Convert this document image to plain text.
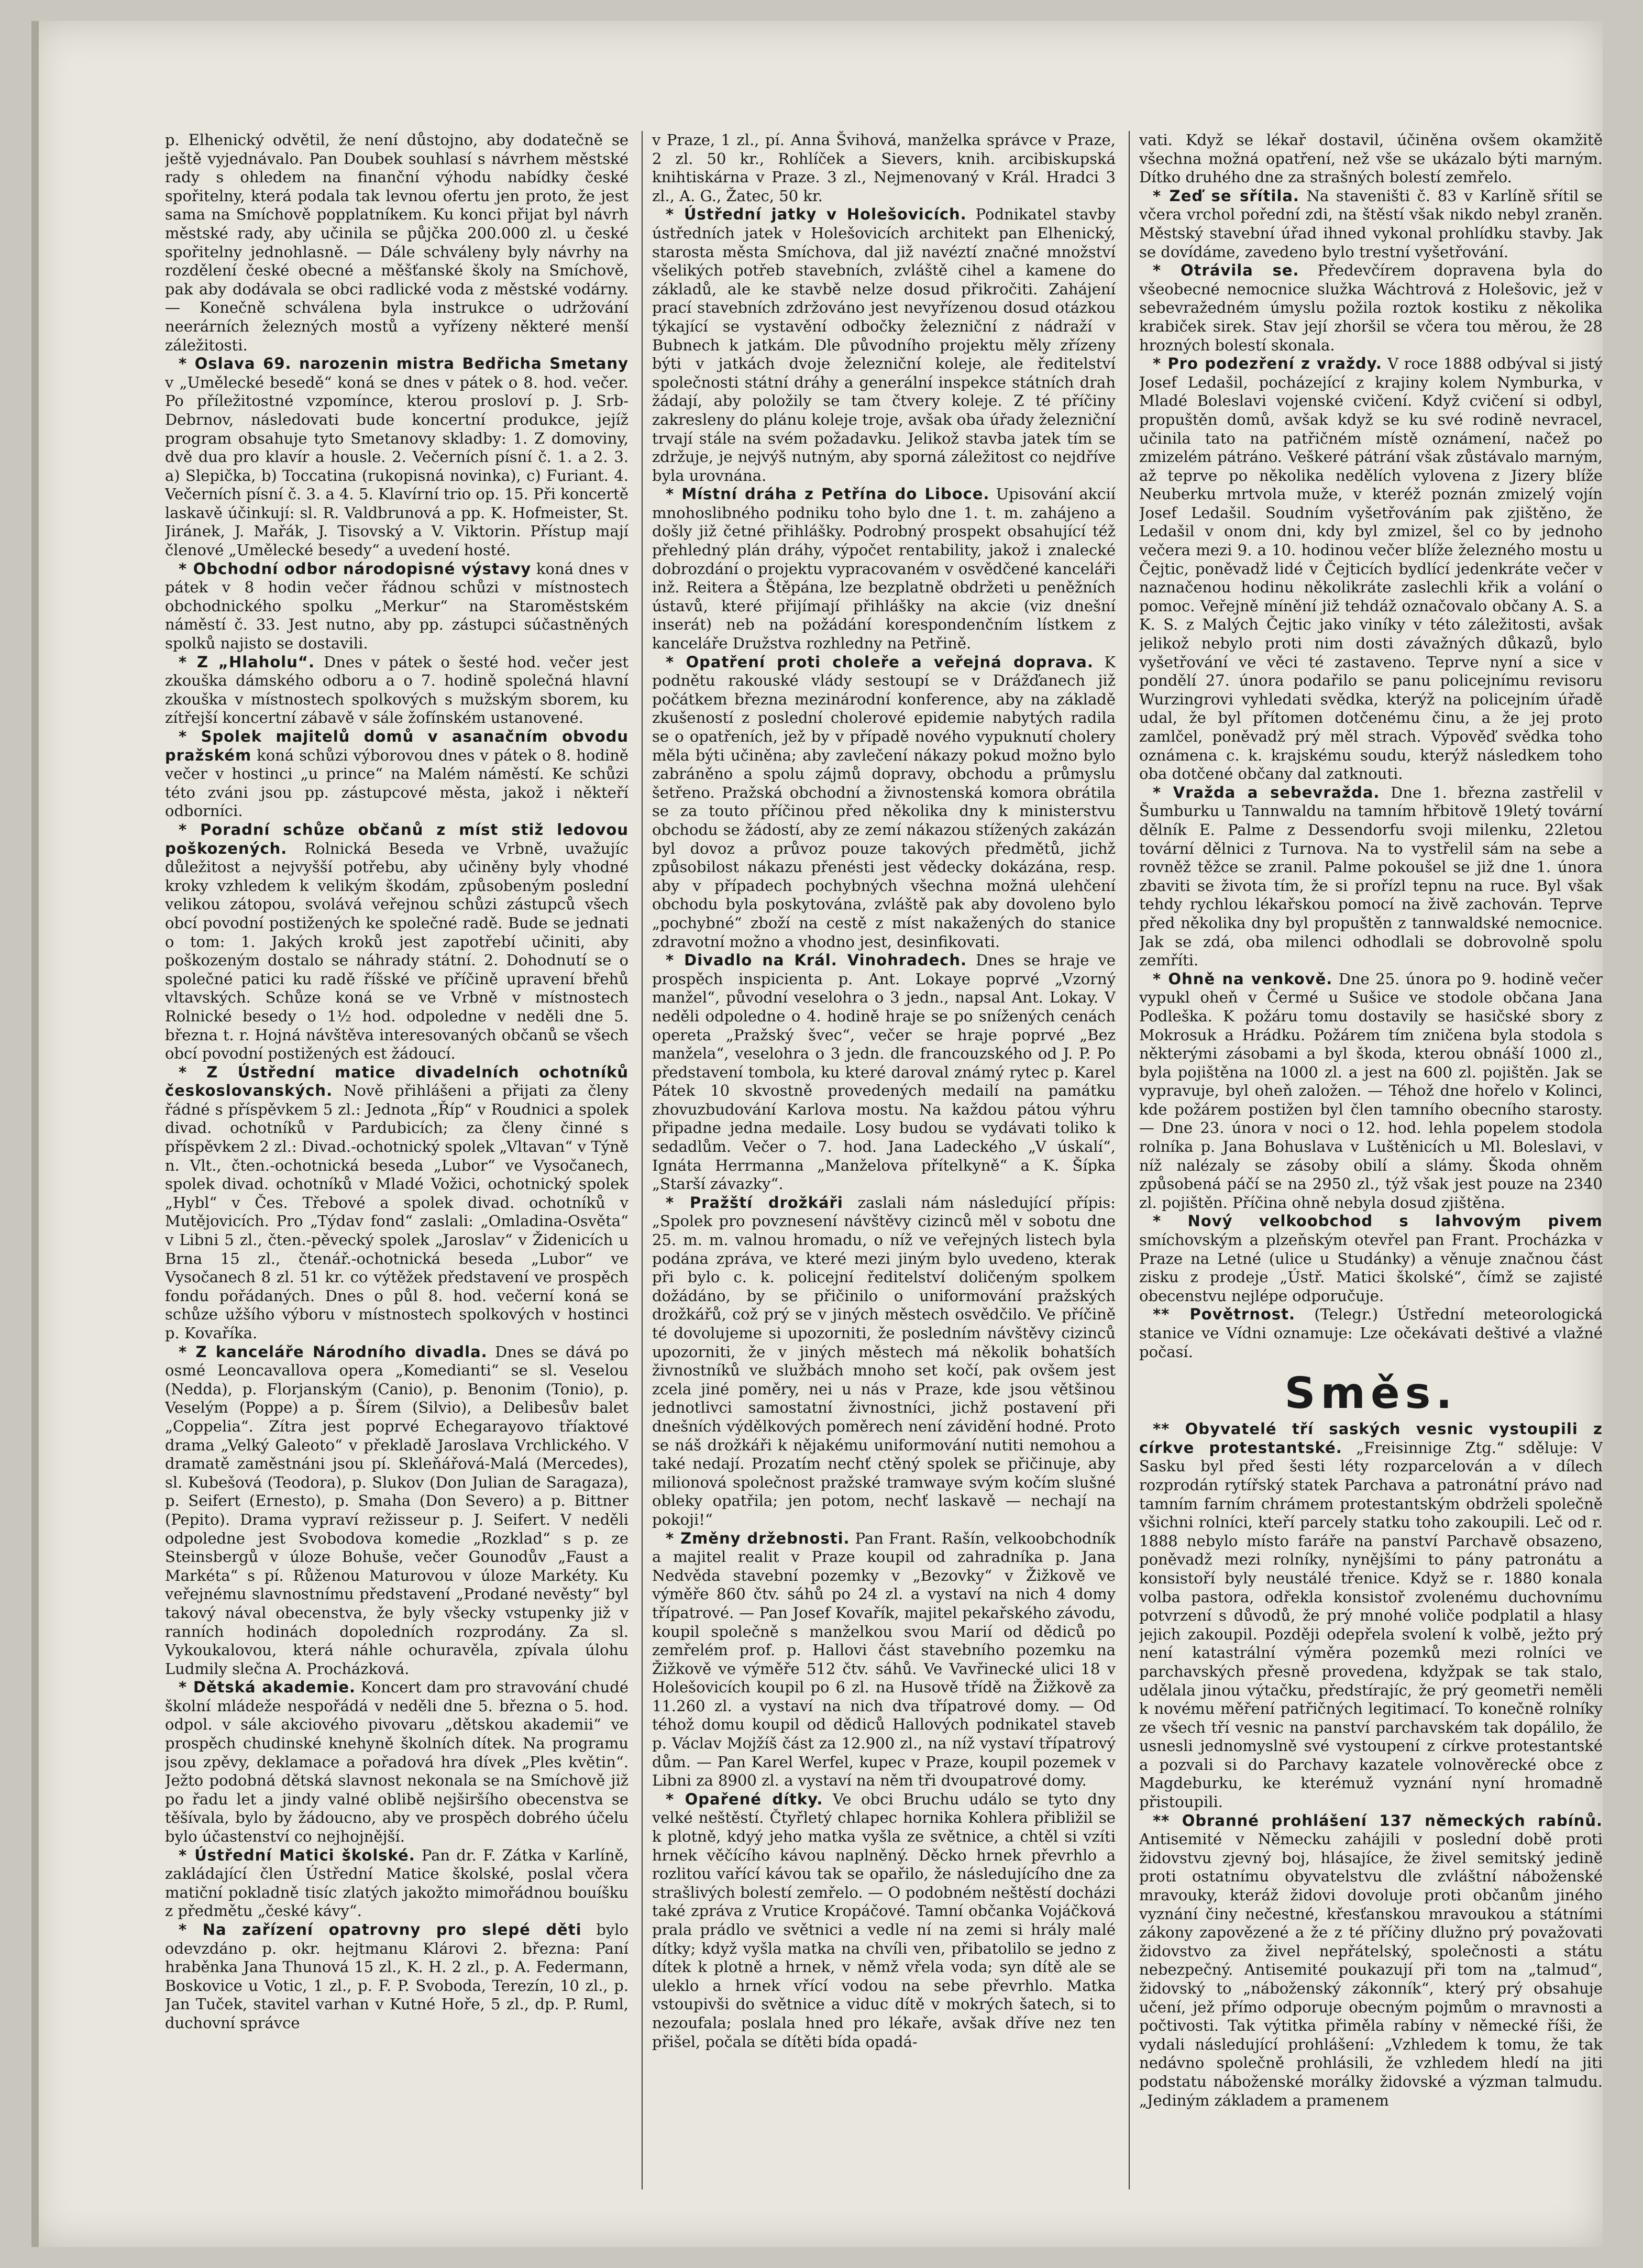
p. Elhenický odvětil, že není důstojno, aby dodatečně se ještě vyjednávalo. Pan Doubek souhlasí s návrhem městské rady s ohledem na finanční výhodu nabídky české spořitelny, která podala tak levnou ofertu jen proto, že jest sama na Smíchově popplatníkem. Ku konci přijat byl návrh městské rady, aby učinila se půjčka 200.000 zl. u české spořitelny jednohlasně. — Dále schváleny byly návrhy na rozdělení české obecné a měšťanské školy na Smíchově, pak aby dodávala se obci radlické voda z městské vodárny. — Konečně schválena byla instrukce o udržování neerárních železných mostů a vyřízeny některé menší záležitosti.

* Oslava 69. narozenin mistra Bedřicha Smetany v „Umělecké besedě“ koná se dnes v pátek o 8. hod. večer. Po příležitostné vzpomínce, kterou prosloví p. J. Srb-Debrnov, následovati bude koncertní produkce, jejíž program obsahuje tyto Smetanovy skladby: 1. Z domoviny, dvě dua pro klavír a housle. 2. Večerních písní č. 1. a 2. 3. a) Slepička, b) Toccatina (rukopisná novinka), c) Furiant. 4. Večerních písní č. 3. a 4. 5. Klavírní trio op. 15. Při koncertě laskavě účinkují: sl. R. Valdbrunová a pp. K. Hofmeister, St. Jiránek, J. Mařák, J. Tisovský a V. Viktorin. Přístup mají členové „Umělecké besedy“ a uvedení hosté.

* Obchodní odbor národopisné výstavy koná dnes v pátek v 8 hodin večer řádnou schůzi v místnostech obchodnického spolku „Merkur“ na Staroměstském náměstí č. 33. Jest nutno, aby pp. zástupci súčastněných spolků najisto se dostavili.

* Z „Hlaholu“. Dnes v pátek o šesté hod. večer jest zkouška dámského odboru a o 7. hodině společná hlavní zkouška v místnostech spolkových s mužským sborem, ku zítřejší koncertní zábavě v sále žofínském ustanovené.

* Spolek majitelů domů v asanačním obvodu pražském koná schůzi výborovou dnes v pátek o 8. hodině večer v hostinci „u prince“ na Malém náměstí. Ke schůzi této zváni jsou pp. zástupcové města, jakož i někteří odborníci.

* Poradní schůze občanů z míst stiž ledovou poškozených. Rolnická Beseda ve Vrbně, uvažujíc důležitost a nejvyšší potřebu, aby učiněny byly vhodné kroky vzhledem k velikým škodám, způsobeným poslední velikou zátopou, svolává veřejnou schůzi zástupců všech obcí povodní postižených ke společné radě. Bude se jednati o tom: 1. Jakých kroků jest zapotřebí učiniti, aby poškozeným dostalo se náhrady státní. 2. Dohodnutí se o společné patici ku radě říšské ve příčině upravení břehů vltavských. Schůze koná se ve Vrbně v místnostech Rolnické besedy o 1½ hod. odpoledne v neděli dne 5. března t. r. Hojná návštěva interesovaných občanů se všech obcí povodní postižených est žádoucí.

* Z Ústřední matice divadelních ochotníků českoslovanských. Nově přihlášeni a přijati za členy řádné s příspěvkem 5 zl.: Jednota „Říp“ v Roudnici a spolek divad. ochotníků v Pardubicích; za členy činné s příspěvkem 2 zl.: Divad.-ochotnický spolek „Vltavan“ v Týně n. Vlt., čten.-ochotnická beseda „Lubor“ ve Vysočanech, spolek divad. ochotníků v Mladé Vožici, ochotnický spolek „Hybl“ v Čes. Třebové a spolek divad. ochotníků v Mutějovicích. Pro „Týdav fond“ zaslali: „Omladina-Osvěta“ v Libni 5 zl., čten.-pěvecký spolek „Jaroslav“ v Židenicích u Brna 15 zl., čtenář.-ochotnická beseda „Lubor“ ve Vysočanech 8 zl. 51 kr. co výtěžek představení ve prospěch fondu pořádaných. Dnes o půl 8. hod. večerní koná se schůze užšího výboru v místnostech spolkových v hostinci p. Kovaříka.

* Z kanceláře Národního divadla. Dnes se dává po osmé Leoncavallova opera „Komedianti“ se sl. Veselou (Nedda), p. Florjanským (Canio), p. Benonim (Tonio), p. Veselým (Poppe) a p. Šírem (Silvio), a Delibesův balet „Coppelia“. Zítra jest poprvé Echegarayovo tříaktové drama „Velký Galeoto“ v překladě Jaroslava Vrchlického. V dramatě zaměstnáni jsou pí. Skleňářová-Malá (Mercedes), sl. Kubešová (Teodora), p. Slukov (Don Julian de Saragaza), p. Seifert (Ernesto), p. Smaha (Don Severo) a p. Bittner (Pepito). Drama vypraví režisseur p. J. Seifert. V neděli odpoledne jest Svobodova komedie „Rozklad“ s p. ze Steinsbergů v úloze Bohuše, večer Gounodův „Faust a Markéta“ s pí. Růženou Maturovou v úloze Markéty. Ku veřejnému slavnostnímu představení „Prodané nevěsty“ byl takový nával obecenstva, že byly všecky vstupenky již v ranních hodinách dopoledních rozprodány. Za sl. Vykoukalovou, která náhle ochuravěla, zpívala úlohu Ludmily slečna A. Procházková.

* Dětská akademie. Koncert dam pro stravování chudé školní mládeže nespořádá v neděli dne 5. března o 5. hod. odpol. v sále akciového pivovaru „dětskou akademii“ ve prospěch chudinské knehyně školních dítek. Na programu jsou zpěvy, deklamace a pořadová hra dívek „Ples květin“. Ježto podobná dětská slavnost nekonala se na Smíchově již po řadu let a jindy valné oblibě nejširšího obecenstva se těšívala, bylo by žádoucno, aby ve prospěch dobrého účelu bylo účastenství co nejhojnější.

* Ústřední Matici školské. Pan dr. F. Zátka v Karlíně, zakládající člen Ústřední Matice školské, poslal včera matiční pokladně tisíc zlatých jakožto mimořádnou bouíšku z předmětu „české kávy“.

* Na zařízení opatrovny pro slepé děti bylo odevzdáno p. okr. hejtmanu Klárovi 2. března: Paní hraběnka Jana Thunová 15 zl., K. H. 2 zl., p. A. Federmann, Boskovice u Votic, 1 zl., p. F. P. Svoboda, Terezín, 10 zl., p. Jan Tuček, stavitel varhan v Kutné Hoře, 5 zl., dp. P. Ruml, duchovní správce

v Praze, 1 zl., pí. Anna Švihová, manželka správce v Praze, 2 zl. 50 kr., Rohlíček a Sievers, knih. arcibiskupská knihtiskárna v Praze. 3 zl., Nejmenovaný v Král. Hradci 3 zl., A. G., Žatec, 50 kr.

* Ústřední jatky v Holešovicích. Podnikatel stavby ústředních jatek v Holešovicích architekt pan Elhenický, starosta města Smíchova, dal již navéztí značné množství všelikých potřeb stavebních, zvláště cihel a kamene do základů, ale ke stavbě nelze dosud přikročiti. Zahájení prací stavebních zdržováno jest nevyřízenou dosud otázkou týkající se vystavění odbočky železniční z nádraží v Bubnech k jatkám. Dle původního projektu měly zřízeny býti v jatkách dvoje železniční koleje, ale ředitelství společnosti státní dráhy a generální inspekce státních drah žádají, aby položily se tam čtvery koleje. Z té příčiny zakresleny do plánu koleje troje, avšak oba úřady železniční trvají stále na svém požadavku. Jelikož stavba jatek tím se zdržuje, je nejvýš nutným, aby sporná záležitost co nejdříve byla urovnána.

* Místní dráha z Petřína do Liboce. Upisování akcií mnohoslibného podniku toho bylo dne 1. t. m. zahájeno a došly již četné přihlášky. Podrobný prospekt obsahující též přehledný plán dráhy, výpočet rentability, jakož i znalecké dobrozdání o projektu vypracovaném v osvědčené kanceláři inž. Reitera a Štěpána, lze bezplatně obdržeti u peněžních ústavů, které přijímají přihlášky na akcie (viz dnešní inserát) neb na požádání korespondenčním lístkem z kanceláře Družstva rozhledny na Petřině.

* Opatření proti choleře a veřejná doprava. K podnětu rakouské vlády sestoupí se v Drážďanech již počátkem března mezinárodní konference, aby na základě zkušeností z poslední cholerové epidemie nabytých radila se o opatřeních, jež by v případě nového vypuknutí cholery měla býti učiněna; aby zavlečení nákazy pokud možno bylo zabráněno a spolu zájmů dopravy, obchodu a průmyslu šetřeno. Pražská obchodní a živnostenská komora obrátila se za touto příčinou před několika dny k ministerstvu obchodu se žádostí, aby ze zemí nákazou stížených zakázán byl dovoz a průvoz pouze takových předmětů, jichž způsobilost nákazu přenésti jest vědecky dokázána, resp. aby v případech pochybných všechna možná ulehčení obchodu byla poskytována, zvláště pak aby dovoleno bylo „pochybné“ zboží na cestě z míst nakažených do stanice zdravotní možno a vhodno jest, desinfikovati.

* Divadlo na Král. Vinohradech. Dnes se hraje ve prospěch inspicienta p. Ant. Lokaye poprvé „Vzorný manžel“, původní veselohra o 3 jedn., napsal Ant. Lokay. V neděli odpoledne o 4. hodině hraje se po snížených cenách opereta „Pražský švec“, večer se hraje poprvé „Bez manžela“, veselohra o 3 jedn. dle francouzského od J. P. Po představení tombola, ku které daroval známý rytec p. Karel Pátek 10 skvostně provedených medailí na památku zhovuzbudování Karlova mostu. Na každou pátou výhru připadne jedna medaile. Losy budou se vydávati toliko k sedadlům. Večer o 7. hod. Jana Ladeckého „V úskalí“, Ignáta Herrmanna „Manželova přítelkyně“ a K. Šípka „Starší závazky“.

* Pražští drožkáři zaslali nám následující přípis: „Spolek pro povznesení návštěvy cizinců měl v sobotu dne 25. m. m. valnou hromadu, o níž ve veřejných listech byla podána zpráva, ve které mezi jiným bylo uvedeno, kterak při bylo c. k. policejní ředitelství doličeným spolkem dožádáno, by se přičinilo o uniformování pražských drožkářů, což prý se v jiných městech osvědčilo. Ve příčině té dovolujeme si upozorniti, že posledním návštěvy cizinců upozorniti, že v jiných městech má několik bohatších živnostníků ve službách mnoho set kočí, pak ovšem jest zcela jiné poměry, nei u nás v Praze, kde jsou většinou jednotlivci samostatní živnostníci, jichž postavení při dnešních výdělkových poměrech není závidění hodné. Proto se náš drožkáři k nějakému uniformování nutiti nemohou a také nedají. Prozatím nechť ctěný spolek se přičinuje, aby milionová společnost pražské tramwaye svým kočím slušné obleky opatřila; jen potom, nechť laskavě — nechají na pokoji!“

* Změny držebnosti. Pan Frant. Rašín, velkoobchodník a majitel realit v Praze koupil od zahradníka p. Jana Nedvěda stavební pozemky v „Bezovky“ v Žižkově ve výměře 860 čtv. sáhů po 24 zl. a vystaví na nich 4 domy třípatrové. — Pan Josef Kovařík, majitel pekařského závodu, koupil společně s manželkou svou Marií od dědiců po zemřelém prof. p. Hallovi část stavebního pozemku na Žižkově ve výměře 512 čtv. sáhů. Ve Vavřinecké ulici 18 v Holešovicích koupil po 6 zl. na Husově třídě na Žižkově za 11.260 zl. a vystaví na nich dva třípatrové domy. — Od téhož domu koupil od dědiců Hallových podnikatel staveb p. Václav Mojžíš část za 12.900 zl., na níž vystaví třípatrový dům. — Pan Karel Werfel, kupec v Praze, koupil pozemek v Libni za 8900 zl. a vystaví na něm tři dvoupatrové domy.

* Opařené dítky. Ve obci Bruchu událo se tyto dny velké neštěstí. Čtyřletý chlapec hornika Kohlera přibližil se k plotně, kdyý jeho matka vyšla ze světnice, a chtěl si vzíti hrnek věčícího kávou naplněný. Děcko hrnek převrhlo a rozlitou vařící kávou tak se opařilo, že následujícího dne za strašlivých bolestí zemřelo. — O podobném neštěstí docházi také zpráva z Vrutice Kropáčové. Tamní občanka Vojáčková prala prádlo ve světnici a vedle ní na zemi si hrály malé dítky; když vyšla matka na chvíli ven, přibatolilo se jedno z dítek k plotně a hrnek, v němž vřela voda; syn dítě ale se uleklo a hrnek vřící vodou na sebe převrhlo. Matka vstoupivši do světnice a viduc dítě v mokrých šatech, si to nezoufala; poslala hned pro lékaře, avšak dříve nez ten přišel, počala se dítěti bída opadá-

vati. Když se lékař dostavil, účiněna ovšem okamžitě všechna možná opatření, než vše se ukázalo býti marným. Dítko druhého dne za strašných bolestí zemřelo.

* Zeď se sřítila. Na staveništi č. 83 v Karlíně sřítil se včera vrchol pořední zdi, na štěstí však nikdo nebyl zraněn. Městský stavební úřad ihned vykonal prohlídku stavby. Jak se dovídáme, zavedeno bylo trestní vyšetřování.

* Otrávila se. Předevčírem dopravena byla do všeobecné nemocnice služka Wáchtrová z Holešovic, jež v sebevražedném úmyslu požila roztok kostiku z několika krabiček sirek. Stav její zhoršil se včera tou měrou, že 28 hrozných bolestí skonala.

* Pro podezření z vraždy. V roce 1888 odbýval si jistý Josef Ledašil, pocházející z krajiny kolem Nymburka, v Mladé Boleslavi vojenské cvičení. Když cvičení si odbyl, propuštěn domů, avšak když se ku své rodině nevracel, učinila tato na patřičném místě oznámení, načež po zmizelém pátráno. Veškeré pátrání však zůstávalo marným, až teprve po několika nedělích vylovena z Jizery blíže Neuberku mrtvola muže, v kteréž poznán zmizelý vojín Josef Ledašil. Soudním vyšetřováním pak zjištěno, že Ledašil v onom dni, kdy byl zmizel, šel co by jednoho večera mezi 9. a 10. hodinou večer blíže železného mostu u Čejtic, poněvadž lidé v Čejticích bydlící jedenkráte večer v naznačenou hodinu několikráte zaslechli křik a volání o pomoc. Veřejně mínění již tehdáž označovalo občany A. S. a K. S. z Malých Čejtic jako viníky v této záležitosti, avšak jelikož nebylo proti nim dosti závažných důkazů, bylo vyšetřování ve věci té zastaveno. Teprve nyní a sice v pondělí 27. února podařilo se panu policejnímu revisoru Wurzingrovi vyhledati svědka, kterýž na policejním úřadě udal, že byl přítomen dotčenému činu, a že jej proto zamlčel, poněvadž prý měl strach. Výpověď svědka toho oznámena c. k. krajskému soudu, kterýž následkem toho oba dotčené občany dal zatknouti.

* Vražda a sebevražda. Dne 1. března zastřelil v Šumburku u Tannwaldu na tamním hřbitově 19letý tovární dělník E. Palme z Dessendorfu svoji milenku, 22letou tovární dělnici z Turnova. Na to vystřelil sám na sebe a rovněž těžce se zranil. Palme pokoušel se již dne 1. února zbaviti se života tím, že si prořízl tepnu na ruce. Byl však tehdy rychlou lékařskou pomocí na živě zachován. Teprve před několika dny byl propuštěn z tannwaldské nemocnice. Jak se zdá, oba milenci odhodlali se dobrovolně spolu zemříti.

* Ohně na venkově. Dne 25. února po 9. hodině večer vypukl oheň v Čermé u Sušice ve stodole občana Jana Podleška. K požáru tomu dostavily se hasičské sbory z Mokrosuk a Hrádku. Požárem tím zničena byla stodola s některými zásobami a byl škoda, kterou obnáší 1000 zl., byla pojištěna na 1000 zl. a jest na 600 zl. pojištěn. Jak se vypravuje, byl oheň založen. — Téhož dne hořelo v Kolinci, kde požárem postižen byl člen tamního obecního starosty. — Dne 23. února v noci o 12. hod. lehla popelem stodola rolníka p. Jana Bohuslava v Luštěnicích u Ml. Boleslavi, v níž nalézaly se zásoby obilí a slámy. Škoda ohněm způsobená páčí se na 2950 zl., týž však jest pouze na 2340 zl. pojištěn. Příčina ohně nebyla dosud zjištěna.

* Nový velkoobchod s lahvovým pivem smíchovským a plzeňským otevřel pan Frant. Procházka v Praze na Letné (ulice u Studánky) a věnuje značnou část zisku z prodeje „Ústř. Matici školské“, čímž se zajisté obecenstvu nejlépe odporučuje.

** Povětrnost. (Telegr.) Ústřední meteorologická stanice ve Vídni oznamuje: Lze očekávati deštivé a vlažné počasí.

Směs.

** Obyvatelé tří saských vesnic vystoupili z církve protestantské. „Freisinnige Ztg.“ sděluje: V Sasku byl před šesti léty rozparcelován a v dílech rozprodán rytířský statek Parchava a patronátní právo nad tamním farním chrámem protestantským obdrželi společně všichni rolníci, kteří parcely statku toho zakoupili. Leč od r. 1888 nebylo místo faráře na panství Parchavě obsazeno, poněvadž mezi rolníky, nynějšími to pány patronátu a konsistoří byly neustálé třenice. Když se r. 1880 konala volba pastora, odřekla konsistoř zvolenému duchovnímu potvrzení s důvodů, že prý mnohé voliče podplatil a hlasy jejich zakoupil. Později odepřela svolení k volbě, ježto prý není katastrální výměra pozemků mezi rolníci ve parchavských přesně provedena, kdyžpak se tak stalo, udělala jinou výtačku, předstírajíc, že prý geometři neměli k novému měření patřičných legitimací. To konečně rolníky ze všech tří vesnic na panství parchavském tak dopálilo, že usnesli jednomyslně své vystoupení z církve protestantské a pozvali si do Parchavy kazatele volnověrecké obce z Magdeburku, ke kterémuž vyznání nyní hromadně přistoupili.

** Obranné prohlášení 137 německých rabínů. Antisemité v Německu zahájili v poslední době proti židovstvu zjevný boj, hlásajíce, že živel semitský jedině proti ostatnímu obyvatelstvu dle zvláštní náboženské mravouky, kteráž židovi dovoluje proti občanům jiného vyznání činy nečestné, křesťanskou mravoukou a státními zákony zapovězené a že z té příčiny dlužno prý považovati židovstvo za živel nepřátelský, společnosti a státu nebezpečný. Antisemité poukazují při tom na „talmud“, židovský to „náboženský zákonník“, který prý obsahuje učení, jež přímo odporuje obecným pojmům o mravnosti a počtivosti. Tak výtitka přiměla rabíny v německé říši, že vydali následující prohlášení: „Vzhledem k tomu, že tak nedávno společně prohlásili, že vzhledem hledí na jiti podstatu náboženské morálky židovské a výzman talmudu. „Jediným základem a pramenem
